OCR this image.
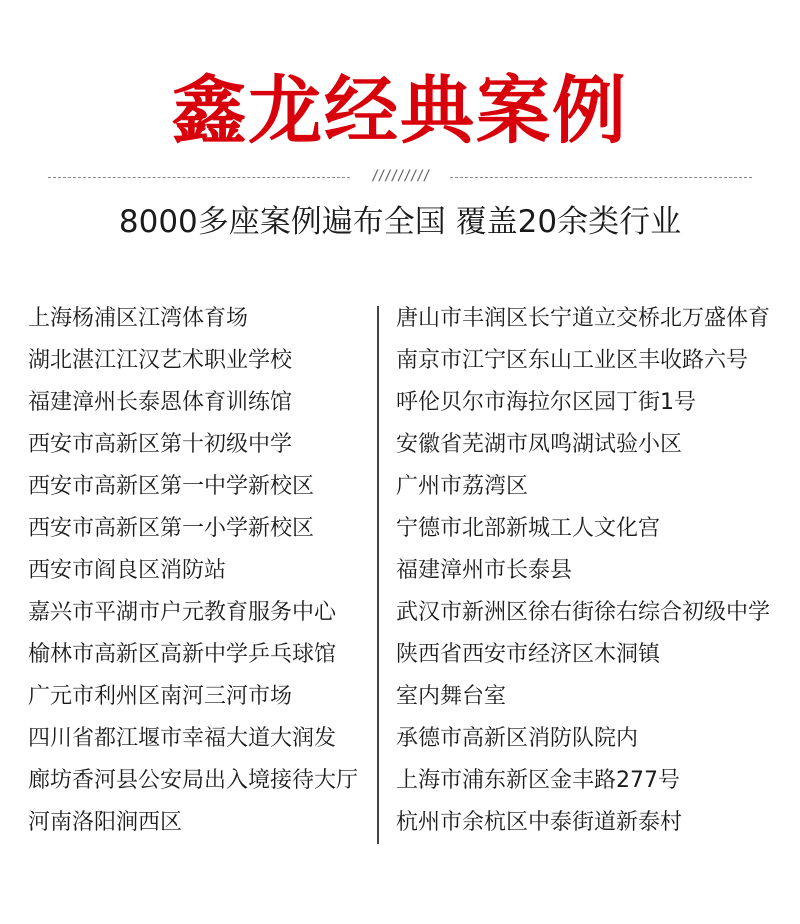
鑫龙经典案例
/////////
8000多座案例遍布全国 覆盖20余类行业
上海杨浦区江湾体育场
湖北湛江江汉艺术职业学校
福建漳州长泰恩体育训练馆
西安市高新区第十初级中学
西安市高新区第一中学新校区
西安市高新区第一小学新校区
西安市阎良区消防站
嘉兴市平湖市户元教育服务中心
榆林市高新区高新中学乒乓球馆
广元市利州区南河三河市场
四川省都江堰市幸福大道大润发
廊坊香河县公安局出入境接待大厅
河南洛阳涧西区
唐山市丰润区长宁道立交桥北万盛体育
南京市江宁区东山工业区丰收路六号
呼伦贝尔市海拉尔区园丁街1号
安徽省芜湖市凤鸣湖试验小区
广州市荔湾区
宁德市北部新城工人文化宫
福建漳州市长泰县
武汉市新洲区徐右街徐右综合初级中学
陕西省西安市经济区木洞镇
室内舞台室
承德市高新区消防队院内
上海市浦东新区金丰路277号
杭州市余杭区中泰街道新泰村
